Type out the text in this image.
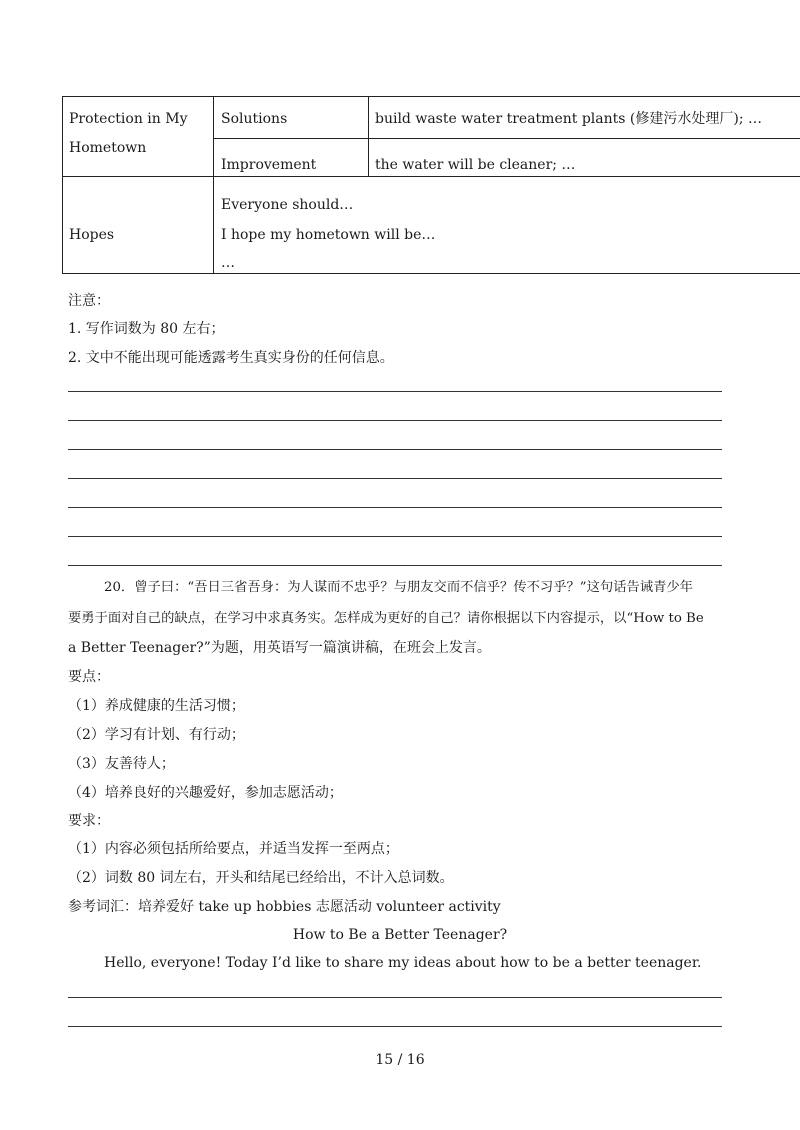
Protection in My
Hometown
Solutions	build waste water treatment plants (修建污水处理厂); …
Improvement	the water will be cleaner; …
Hopes
Everyone should…
I hope my hometown will be…
…
注意：
1. 写作词数为 80 左右；
2. 文中不能出现可能透露考生真实身份的任何信息。
20．曾子曰：“吾日三省吾身：为人谋而不忠乎？与朋友交而不信乎？传不习乎？”这句话告诫青少年
要勇于面对自己的缺点，在学习中求真务实。怎样成为更好的自己？请你根据以下内容提示，以“How to Be
a Better Teenager?”为题，用英语写一篇演讲稿，在班会上发言。
要点：
（1）养成健康的生活习惯；
（2）学习有计划、有行动；
（3）友善待人；
（4）培养良好的兴趣爱好，参加志愿活动；
要求：
（1）内容必须包括所给要点，并适当发挥一至两点；
（2）词数 80 词左右，开头和结尾已经给出，不计入总词数。
参考词汇：培养爱好 take up hobbies 志愿活动 volunteer activity
How to Be a Better Teenager?
Hello, everyone! Today I’d like to share my ideas about how to be a better teenager.
15 / 16
